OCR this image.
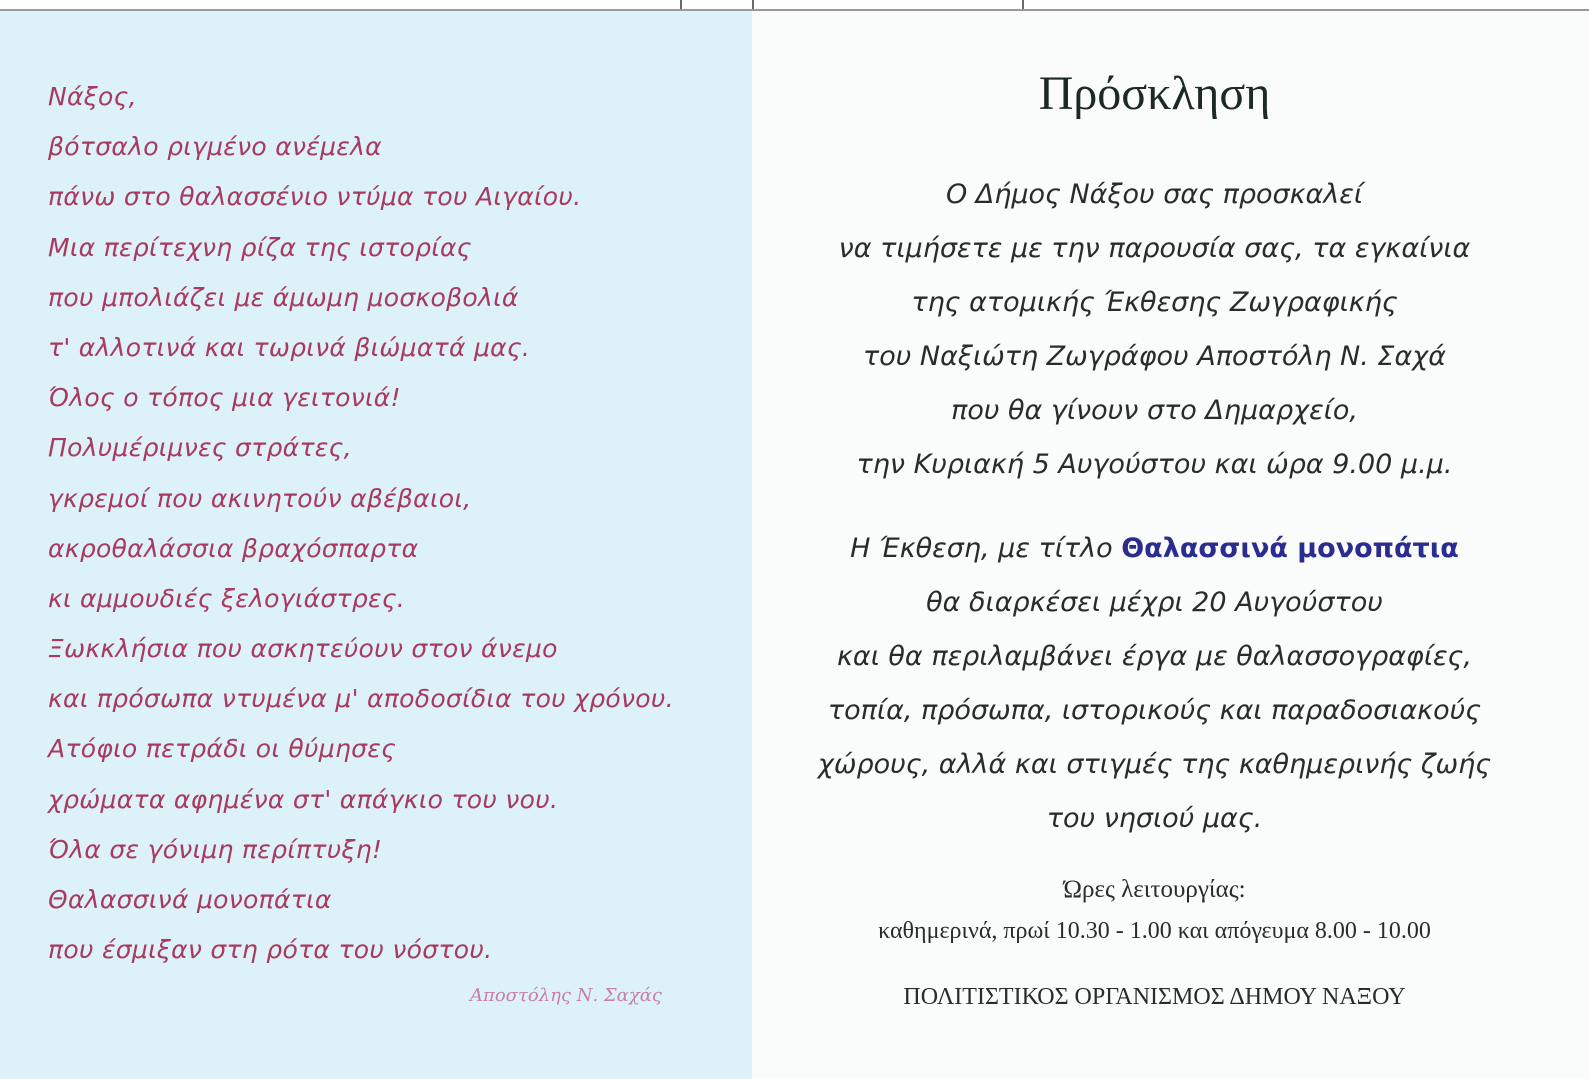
Νάξος,
βότσαλο ριγμένο ανέμελα
πάνω στο θαλασσένιο ντύμα του Αιγαίου.
Μια περίτεχνη ρίζα της ιστορίας
που μπολιάζει με άμωμη μοσκοβολιά
τ' αλλοτινά και τωρινά βιώματά μας.
Όλος ο τόπος μια γειτονιά!
Πολυμέριμνες στράτες,
γκρεμοί που ακινητούν αβέβαιοι,
ακροθαλάσσια βραχόσπαρτα
κι αμμουδιές ξελογιάστρες.
Ξωκκλήσια που ασκητεύουν στον άνεμο
και πρόσωπα ντυμένα μ' αποδοσίδια του χρόνου.
Ατόφιο πετράδι οι θύμησες
χρώματα αφημένα στ' απάγκιο του νου.
Όλα σε γόνιμη περίπτυξη!
Θαλασσινά μονοπάτια
που έσμιξαν στη ρότα του νόστου.
Αποστόλης Ν. Σαχάς
Πρόσκληση
Ο Δήμος Νάξου σας προσκαλεί
να τιμήσετε με την παρουσία σας, τα εγκαίνια
της ατομικής Έκθεσης Ζωγραφικής
του Ναξιώτη Ζωγράφου Αποστόλη Ν. Σαχά
που θα γίνουν στο Δημαρχείο,
την Κυριακή 5 Αυγούστου και ώρα 9.00 μ.μ.
Η Έκθεση, με τίτλο Θαλασσινά μονοπάτια
θα διαρκέσει μέχρι 20 Αυγούστου
και θα περιλαμβάνει έργα με θαλασσογραφίες,
τοπία, πρόσωπα, ιστορικούς και παραδοσιακούς
χώρους, αλλά και στιγμές της καθημερινής ζωής
του νησιού μας.
Ώρες λειτουργίας:
καθημερινά, πρωί 10.30 - 1.00 και απόγευμα 8.00 - 10.00
ΠΟΛΙΤΙΣΤΙΚΟΣ ΟΡΓΑΝΙΣΜΟΣ ΔΗΜΟΥ ΝΑΞΟΥ
